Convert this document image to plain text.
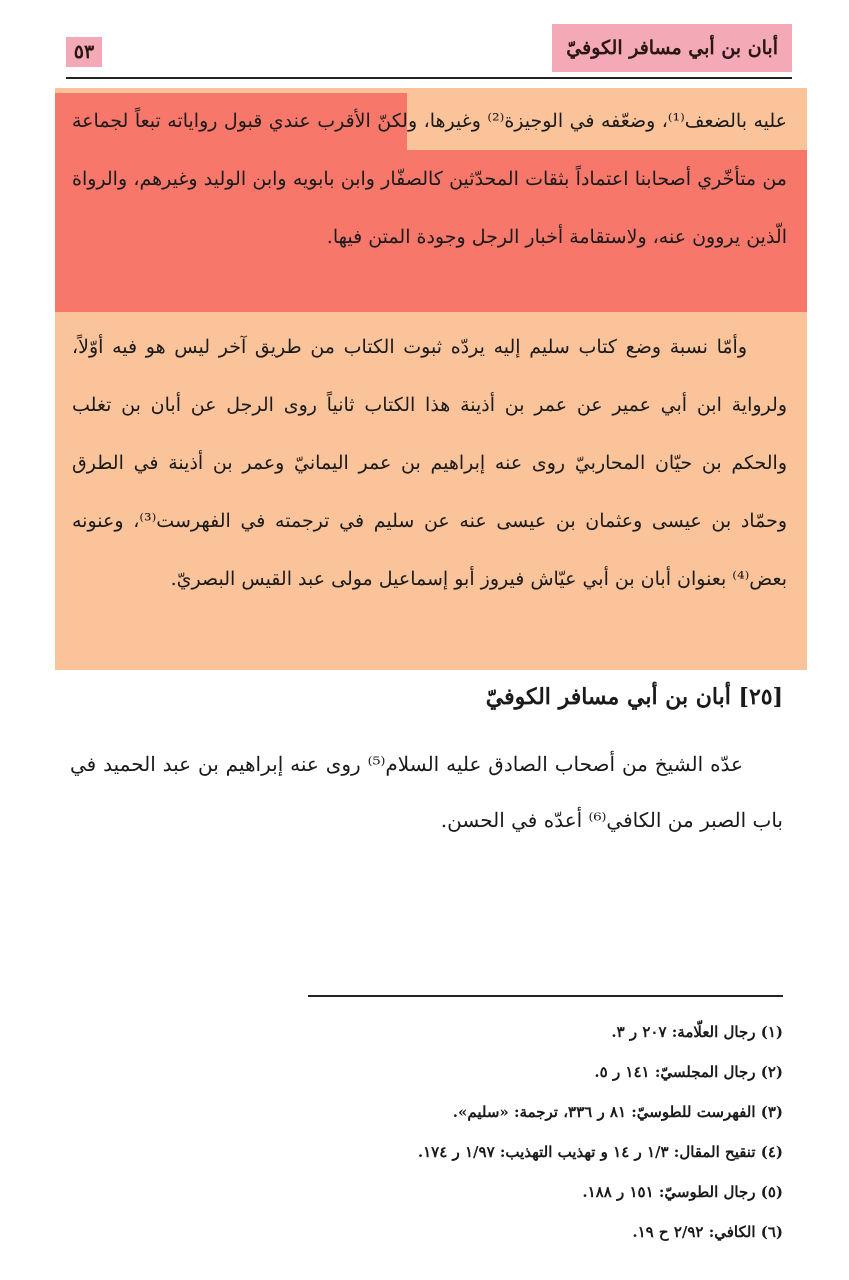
أبان بن أبي مسافر الكوفيّ
٥٣

عليه بالضعف⁽¹⁾، وضعّفه في الوجيزة⁽²⁾ وغيرها، ولكنّ الأقرب عندي قبول رواياته تبعاً لجماعة من متأخّري أصحابنا اعتماداً بثقات المحدّثين كالصفّار وابن بابويه وابن الوليد وغيرهم، والرواة الّذين يروون عنه، ولاستقامة أخبار الرجل وجودة المتن فيها.

وأمّا نسبة وضع كتاب سليم إليه يردّه ثبوت الكتاب من طريق آخر ليس هو فيه أوّلاً، ولرواية ابن أبي عمير عن عمر بن أذينة هذا الكتاب ثانياً روى الرجل عن أبان بن تغلب والحكم بن حيّان المحاربيّ روى عنه إبراهيم بن عمر اليمانيّ وعمر بن أذينة في الطرق وحمّاد بن عيسى وعثمان بن عيسى عنه عن سليم في ترجمته في الفهرست⁽³⁾، وعنونه بعض⁽⁴⁾ بعنوان أبان بن أبي عيّاش فيروز أبو إسماعيل مولى عبد القيس البصريّ.

[٢٥] أبان بن أبي مسافر الكوفيّ

عدّه الشيخ من أصحاب الصادق عليه السلام⁽⁵⁾ روى عنه إبراهيم بن عبد الحميد في باب الصبر من الكافي⁽⁶⁾ أعدّه في الحسن.

(١) رجال العلّامة: ٢٠٧ ر ٣.
(٢) رجال المجلسيّ: ١٤١ ر ٥.
(٣) الفهرست للطوسيّ: ٨١ ر ٣٣٦، ترجمة: «سليم».
(٤) تنقيح المقال: ١/٣ ر ١٤ و تهذيب التهذيب: ١/٩٧ ر ١٧٤.
(٥) رجال الطوسيّ: ١٥١ ر ١٨٨.
(٦) الكافي: ٢/٩٢ ح ١٩.
